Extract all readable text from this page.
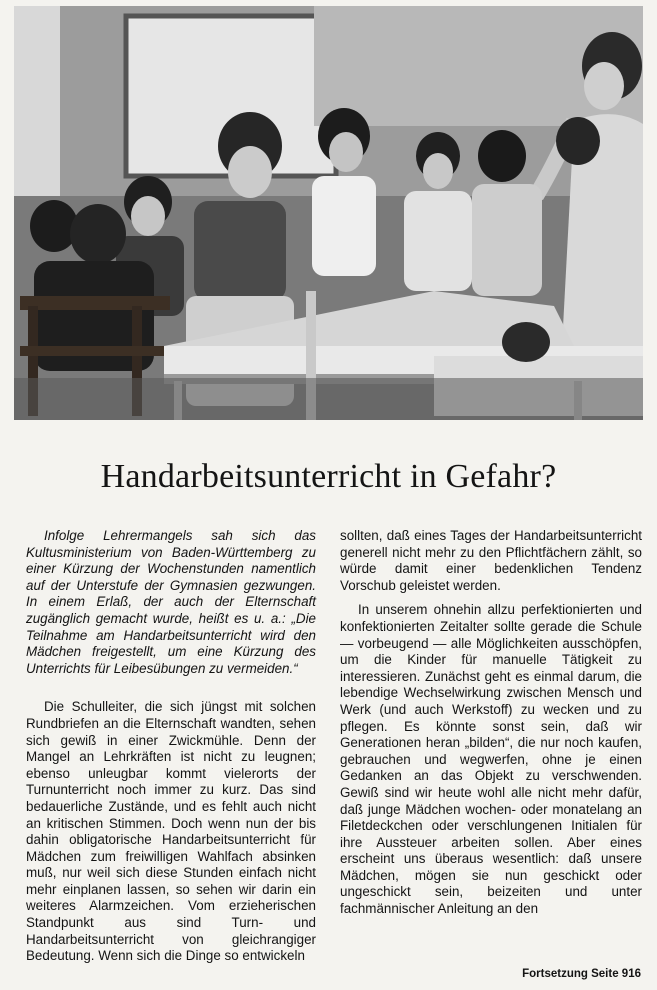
Handarbeitsunterricht in Gefahr?

Infolge Lehrermangels sah sich das Kultusministerium von Baden-Württemberg zu einer Kürzung der Wochenstunden namentlich auf der Unterstufe der Gymnasien gezwungen. In einem Erlaß, der auch der Elternschaft zugänglich gemacht wurde, heißt es u. a.: „Die Teilnahme am Handarbeitsunterricht wird den Mädchen freigestellt, um eine Kürzung des Unterrichts für Leibesübungen zu vermeiden.“

Die Schulleiter, die sich jüngst mit solchen Rundbriefen an die Elternschaft wandten, sehen sich gewiß in einer Zwickmühle. Denn der Mangel an Lehrkräften ist nicht zu leugnen; ebenso unleugbar kommt vielerorts der Turnunterricht noch immer zu kurz. Das sind bedauerliche Zustände, und es fehlt auch nicht an kritischen Stimmen. Doch wenn nun der bis dahin obligatorische Handarbeitsunterricht für Mädchen zum freiwilligen Wahlfach absinken muß, nur weil sich diese Stunden einfach nicht mehr einplanen lassen, so sehen wir darin ein weiteres Alarmzeichen. Vom erzieherischen Standpunkt aus sind Turn- und Handarbeitsunterricht von gleichrangiger Bedeutung. Wenn sich die Dinge so entwickeln

sollten, daß eines Tages der Handarbeitsunterricht generell nicht mehr zu den Pflichtfächern zählt, so würde damit einer bedenklichen Tendenz Vorschub geleistet werden.

In unserem ohnehin allzu perfektionierten und konfektionierten Zeitalter sollte gerade die Schule — vorbeugend — alle Möglichkeiten ausschöpfen, um die Kinder für manuelle Tätigkeit zu interessieren. Zunächst geht es einmal darum, die lebendige Wechselwirkung zwischen Mensch und Werk (und auch Werkstoff) zu wecken und zu pflegen. Es könnte sonst sein, daß wir Generationen heran „bilden“, die nur noch kaufen, gebrauchen und wegwerfen, ohne je einen Gedanken an das Objekt zu verschwenden. Gewiß sind wir heute wohl alle nicht mehr dafür, daß junge Mädchen wochen- oder monatelang an Filetdeckchen oder verschlungenen Initialen für ihre Aussteuer arbeiten sollen. Aber eines erscheint uns überaus wesentlich: daß unsere Mädchen, mögen sie nun geschickt oder ungeschickt sein, beizeiten und unter fachmännischer Anleitung an den

Fortsetzung Seite 916
